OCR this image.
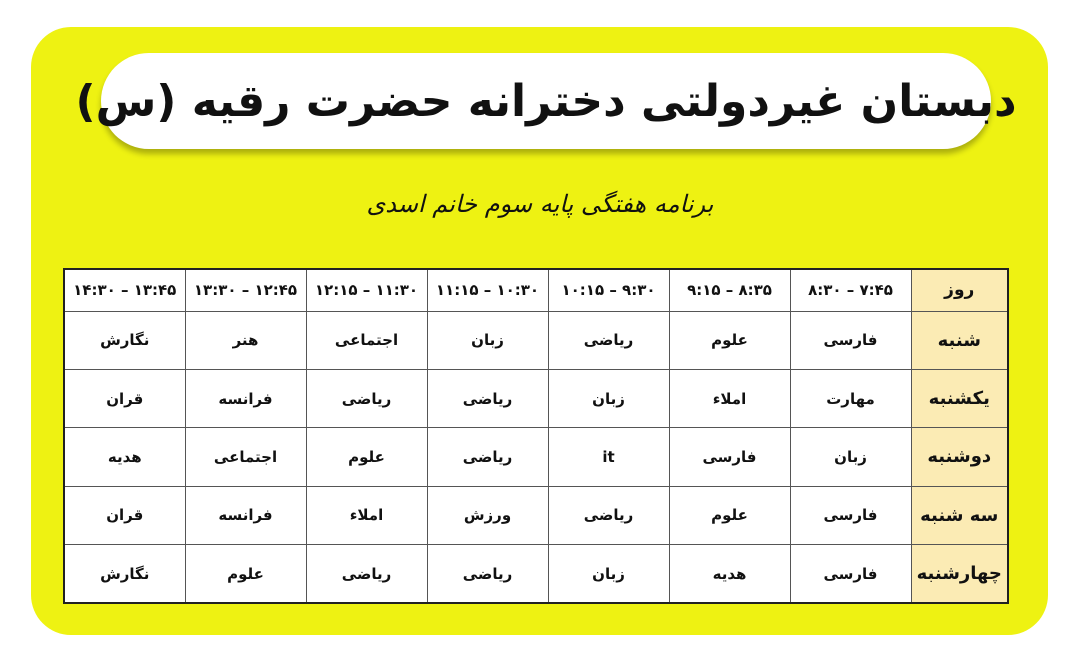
دبستان غیردولتی دخترانه حضرت رقیه (س)
برنامه هفتگی پایه سوم خانم اسدی
روز	۸:۳۰ – ۷:۴۵	۹:۱۵ – ۸:۳۵	۱۰:۱۵ – ۹:۳۰	۱۱:۱۵ – ۱۰:۳۰	۱۲:۱۵ – ۱۱:۳۰	۱۳:۳۰ – ۱۲:۴۵	۱۴:۳۰ – ۱۳:۴۵
شنبه	فارسی	علوم	ریاضی	زبان	اجتماعی	هنر	نگارش
یکشنبه	مهارت	املاء	زبان	ریاضی	ریاضی	فرانسه	قران
دوشنبه	زبان	فارسی	it	ریاضی	علوم	اجتماعی	هدیه
سه شنبه	فارسی	علوم	ریاضی	ورزش	املاء	فرانسه	قران
چهارشنبه	فارسی	هدیه	زبان	ریاضی	ریاضی	علوم	نگارش
